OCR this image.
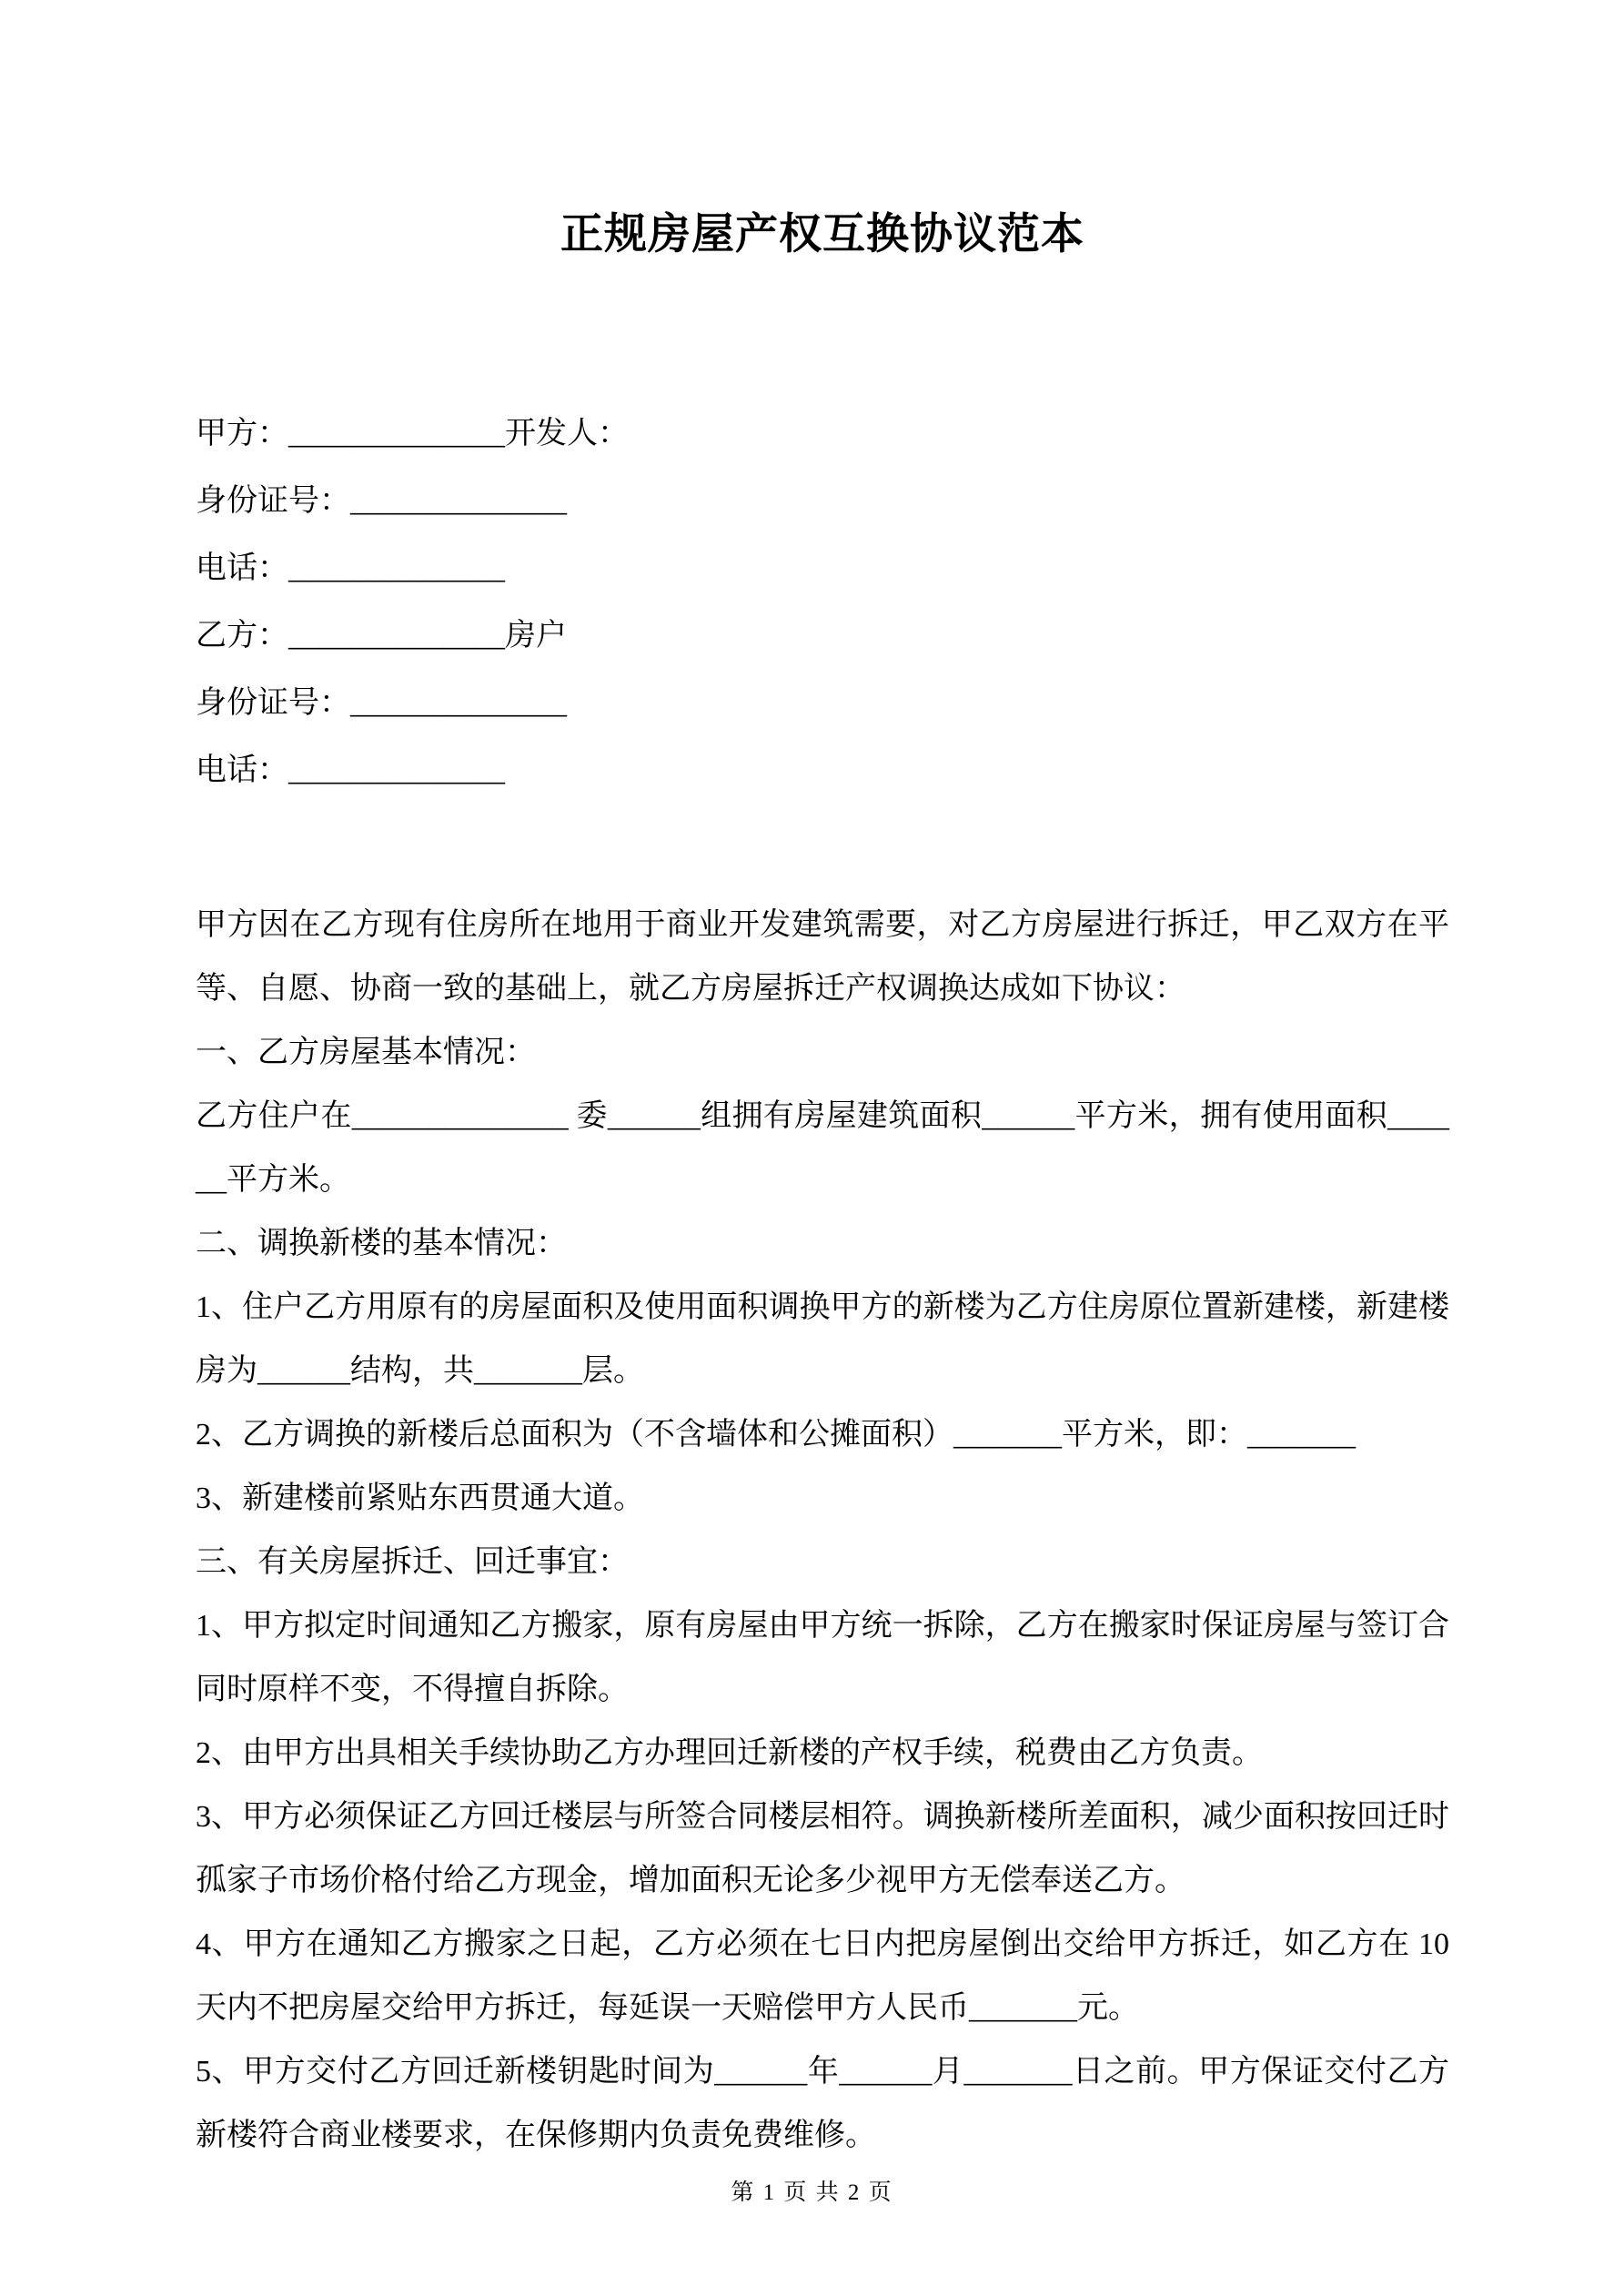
正规房屋产权互换协议范本
甲方：______________开发人：
身份证号：______________
电话：______________
乙方：______________房户
身份证号：______________
电话：______________
甲方因在乙方现有住房所在地用于商业开发建筑需要，对乙方房屋进行拆迁，甲乙双方在平等、自愿、协商一致的基础上，就乙方房屋拆迁产权调换达成如下协议：
一、乙方房屋基本情况：
乙方住户在______________ 委______组拥有房屋建筑面积______平方米，拥有使用面积______平方米。
二、调换新楼的基本情况：
1、住户乙方用原有的房屋面积及使用面积调换甲方的新楼为乙方住房原位置新建楼，新建楼房为______结构，共_______层。
2、乙方调换的新楼后总面积为（不含墙体和公摊面积）_______平方米，即：_______
3、新建楼前紧贴东西贯通大道。
三、有关房屋拆迁、回迁事宜：
1、甲方拟定时间通知乙方搬家，原有房屋由甲方统一拆除，乙方在搬家时保证房屋与签订合同时原样不变，不得擅自拆除。
2、由甲方出具相关手续协助乙方办理回迁新楼的产权手续，税费由乙方负责。
3、甲方必须保证乙方回迁楼层与所签合同楼层相符。调换新楼所差面积，减少面积按回迁时孤家子市场价格付给乙方现金，增加面积无论多少视甲方无偿奉送乙方。
4、甲方在通知乙方搬家之日起，乙方必须在七日内把房屋倒出交给甲方拆迁，如乙方在 10 天内不把房屋交给甲方拆迁，每延误一天赔偿甲方人民币_______元。
5、甲方交付乙方回迁新楼钥匙时间为______年______月_______日之前。甲方保证交付乙方新楼符合商业楼要求，在保修期内负责免费维修。
第 1 页 共 2 页
